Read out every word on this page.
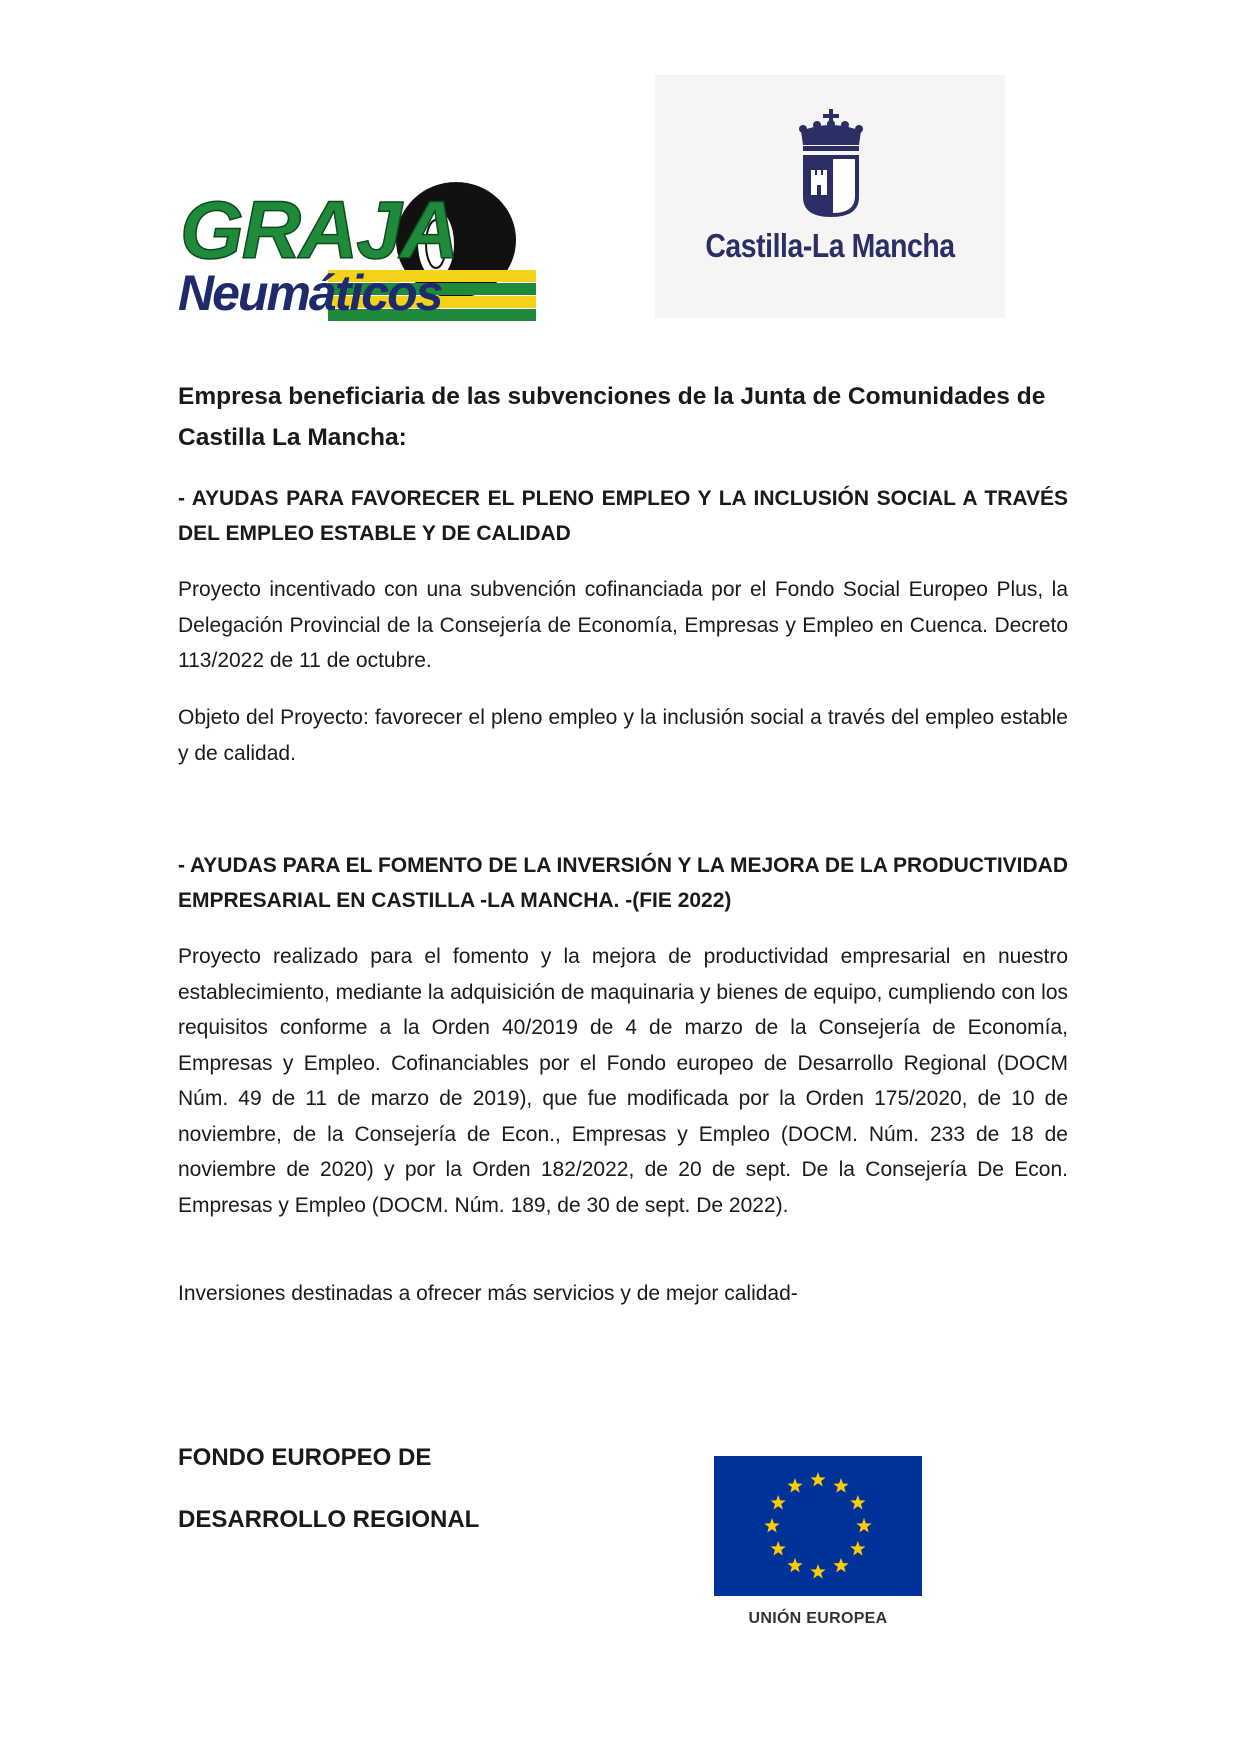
GRAJA
Neumáticos
Castilla-La Mancha

Empresa beneficiaria de las subvenciones de la Junta de Comunidades de Castilla La Mancha:

- AYUDAS PARA FAVORECER EL PLENO EMPLEO Y LA INCLUSIÓN SOCIAL A TRAVÉS DEL EMPLEO ESTABLE Y DE CALIDAD

Proyecto incentivado con una subvención cofinanciada por el Fondo Social Europeo Plus, la Delegación Provincial de la Consejería de Economía, Empresas y Empleo en Cuenca. Decreto 113/2022 de 11 de octubre.

Objeto del Proyecto: favorecer el pleno empleo y la inclusión social a través del empleo estable y de calidad.

- AYUDAS PARA EL FOMENTO DE LA INVERSIÓN Y LA MEJORA DE LA PRODUCTIVIDAD EMPRESARIAL EN CASTILLA -LA MANCHA. -(FIE 2022)

Proyecto realizado para el fomento y la mejora de productividad empresarial en nuestro establecimiento, mediante la adquisición de maquinaria y bienes de equipo, cumpliendo con los requisitos conforme a la Orden 40/2019 de 4 de marzo de la Consejería de Economía, Empresas y Empleo. Cofinanciables por el Fondo europeo de Desarrollo Regional (DOCM Núm. 49 de 11 de marzo de 2019), que fue modificada por la Orden 175/2020, de 10 de noviembre, de la Consejería de Econ., Empresas y Empleo (DOCM. Núm. 233 de 18 de noviembre de 2020) y por la Orden 182/2022, de 20 de sept. De la Consejería De Econ. Empresas y Empleo (DOCM. Núm. 189, de 30 de sept. De 2022).

Inversiones destinadas a ofrecer más servicios y de mejor calidad-

FONDO EUROPEO DE

DESARROLLO REGIONAL

UNIÓN EUROPEA
